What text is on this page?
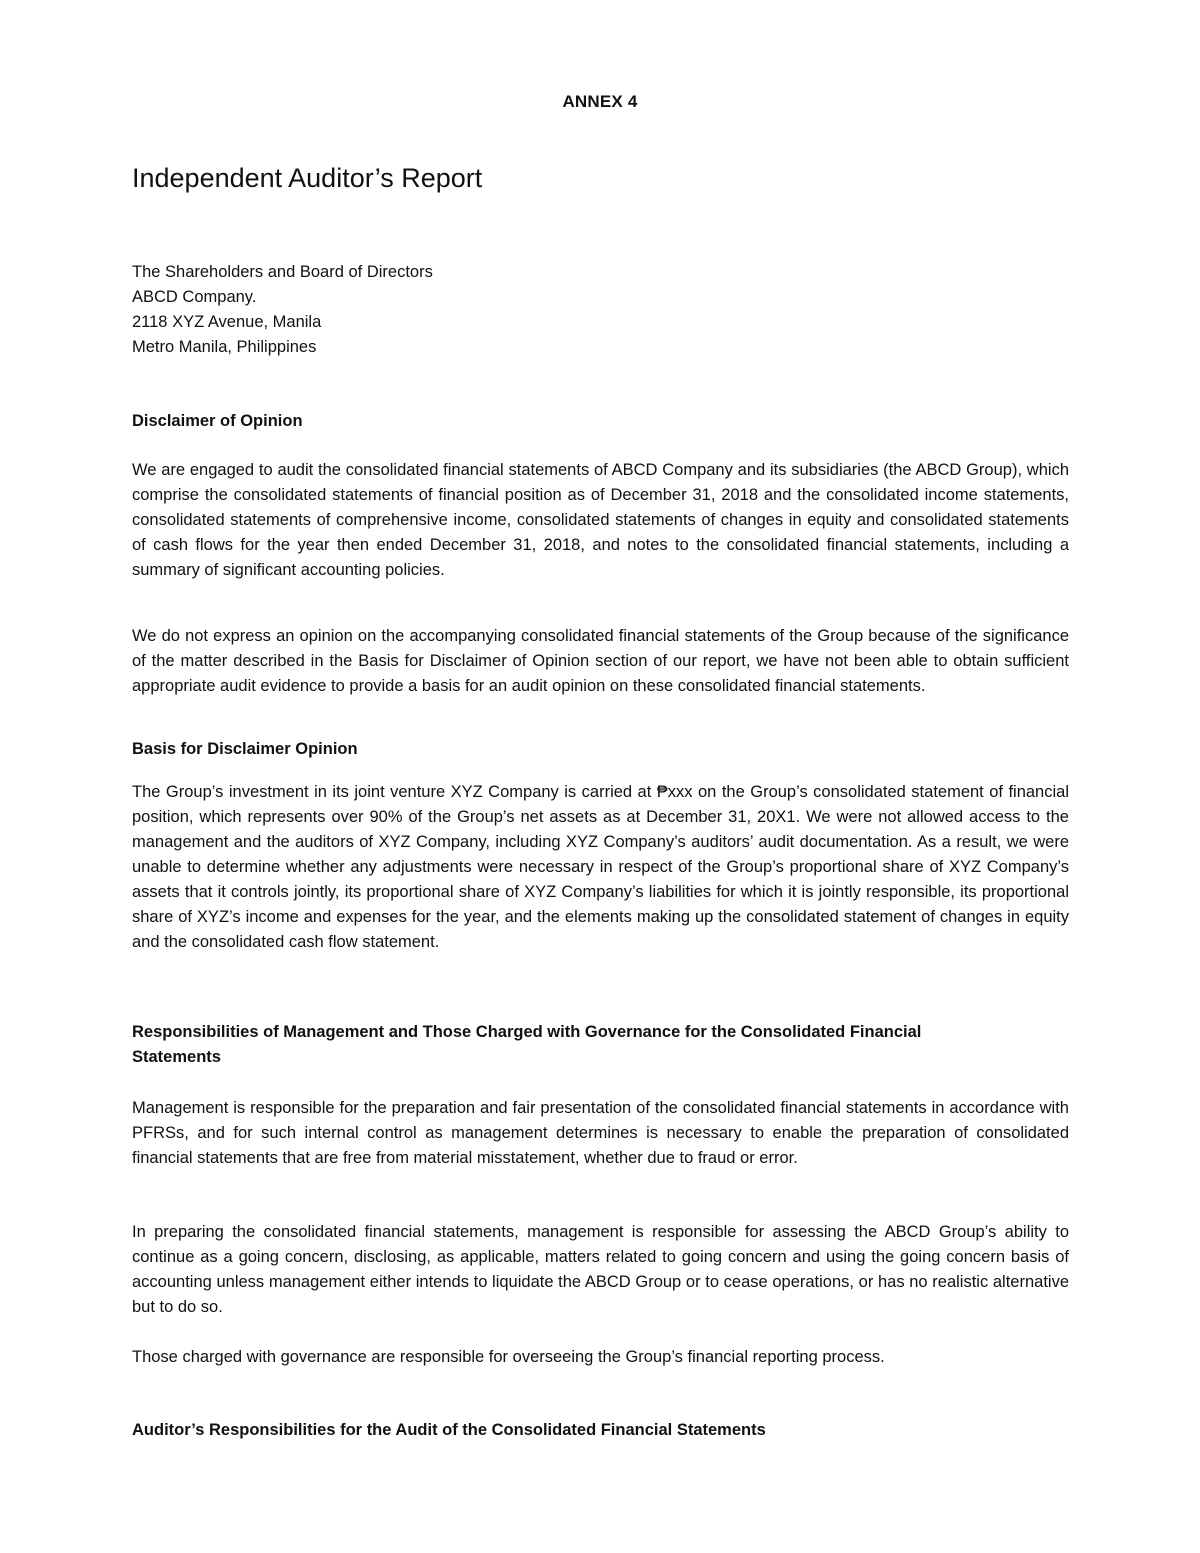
ANNEX 4
Independent Auditor’s Report
The Shareholders and Board of Directors
ABCD Company.
2118 XYZ Avenue, Manila
Metro Manila, Philippines
Disclaimer of Opinion

We are engaged to audit the consolidated financial statements of ABCD Company and its subsidiaries (the ABCD Group), which comprise the consolidated statements of financial position as of December 31, 2018 and the consolidated income statements, consolidated statements of comprehensive income, consolidated statements of changes in equity and consolidated statements of cash flows for the year then ended December 31, 2018, and notes to the consolidated financial statements, including a summary of significant accounting policies.

We do not express an opinion on the accompanying consolidated financial statements of the Group because of the significance of the matter described in the Basis for Disclaimer of Opinion section of our report, we have not been able to obtain sufficient appropriate audit evidence to provide a basis for an audit opinion on these consolidated financial statements.

Basis for Disclaimer Opinion

The Group’s investment in its joint venture XYZ Company is carried at ₱xxx on the Group’s consolidated statement of financial position, which represents over 90% of the Group’s net assets as at December 31, 20X1. We were not allowed access to the management and the auditors of XYZ Company, including XYZ Company’s auditors’ audit documentation. As a result, we were unable to determine whether any adjustments were necessary in respect of the Group’s proportional share of XYZ Company’s assets that it controls jointly, its proportional share of XYZ Company’s liabilities for which it is jointly responsible, its proportional share of XYZ’s income and expenses for the year, and the elements making up the consolidated statement of changes in equity and the consolidated cash flow statement.

Responsibilities of Management and Those Charged with Governance for the Consolidated Financial Statements

Management is responsible for the preparation and fair presentation of the consolidated financial statements in accordance with PFRSs, and for such internal control as management determines is necessary to enable the preparation of consolidated financial statements that are free from material misstatement, whether due to fraud or error.

In preparing the consolidated financial statements, management is responsible for assessing the ABCD Group’s ability to continue as a going concern, disclosing, as applicable, matters related to going concern and using the going concern basis of accounting unless management either intends to liquidate the ABCD Group or to cease operations, or has no realistic alternative but to do so.

Those charged with governance are responsible for overseeing the Group’s financial reporting process.

Auditor’s Responsibilities for the Audit of the Consolidated Financial Statements
